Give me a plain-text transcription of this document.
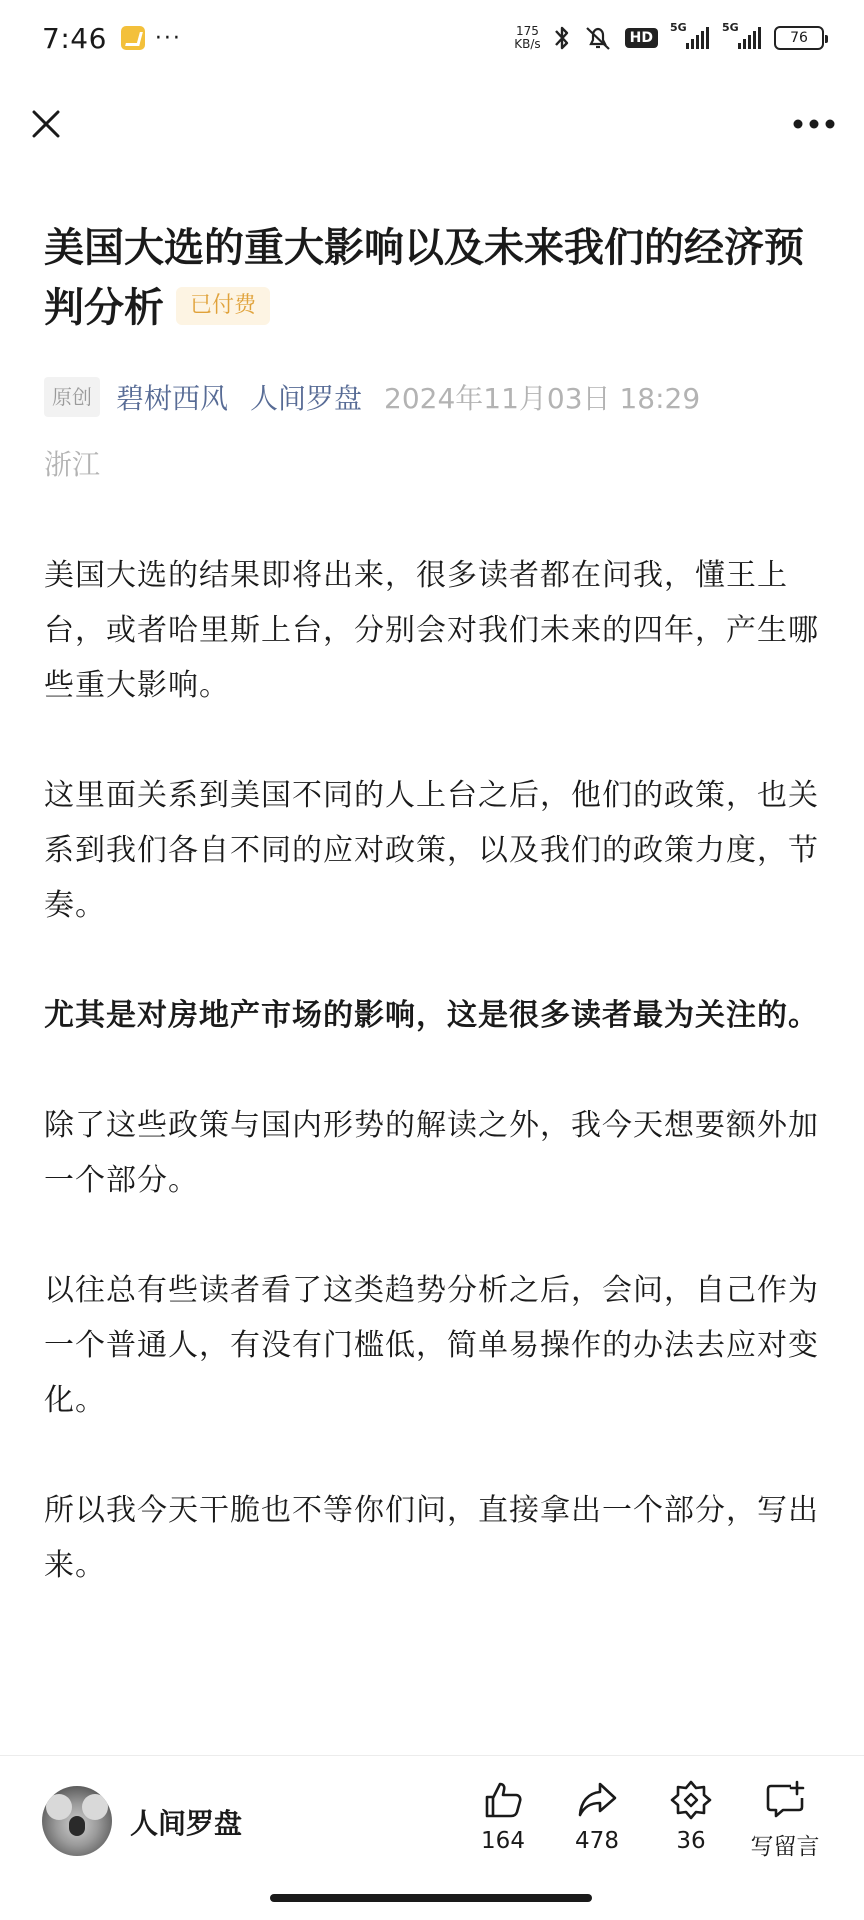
7:46 ···	175
KB/s	HD
5G	5G
76
美国大选的重大影响以及未来我们的经济预判分析 已付费
原创 碧树西风 人间罗盘 2024年11月03日 18:29
浙江

美国大选的结果即将出来，很多读者都在问我，懂王上台，或者哈里斯上台，分别会对我们未来的四年，产生哪些重大影响。

这里面关系到美国不同的人上台之后，他们的政策，也关系到我们各自不同的应对政策，以及我们的政策力度，节奏。

尤其是对房地产市场的影响，这是很多读者最为关注的。

除了这些政策与国内形势的解读之外，我今天想要额外加一个部分。

以往总有些读者看了这类趋势分析之后，会问，自己作为一个普通人，有没有门槛低，简单易操作的办法去应对变化。

所以我今天干脆也不等你们问，直接拿出一个部分，写出来。

人间罗盘
164 478 36 写留言
